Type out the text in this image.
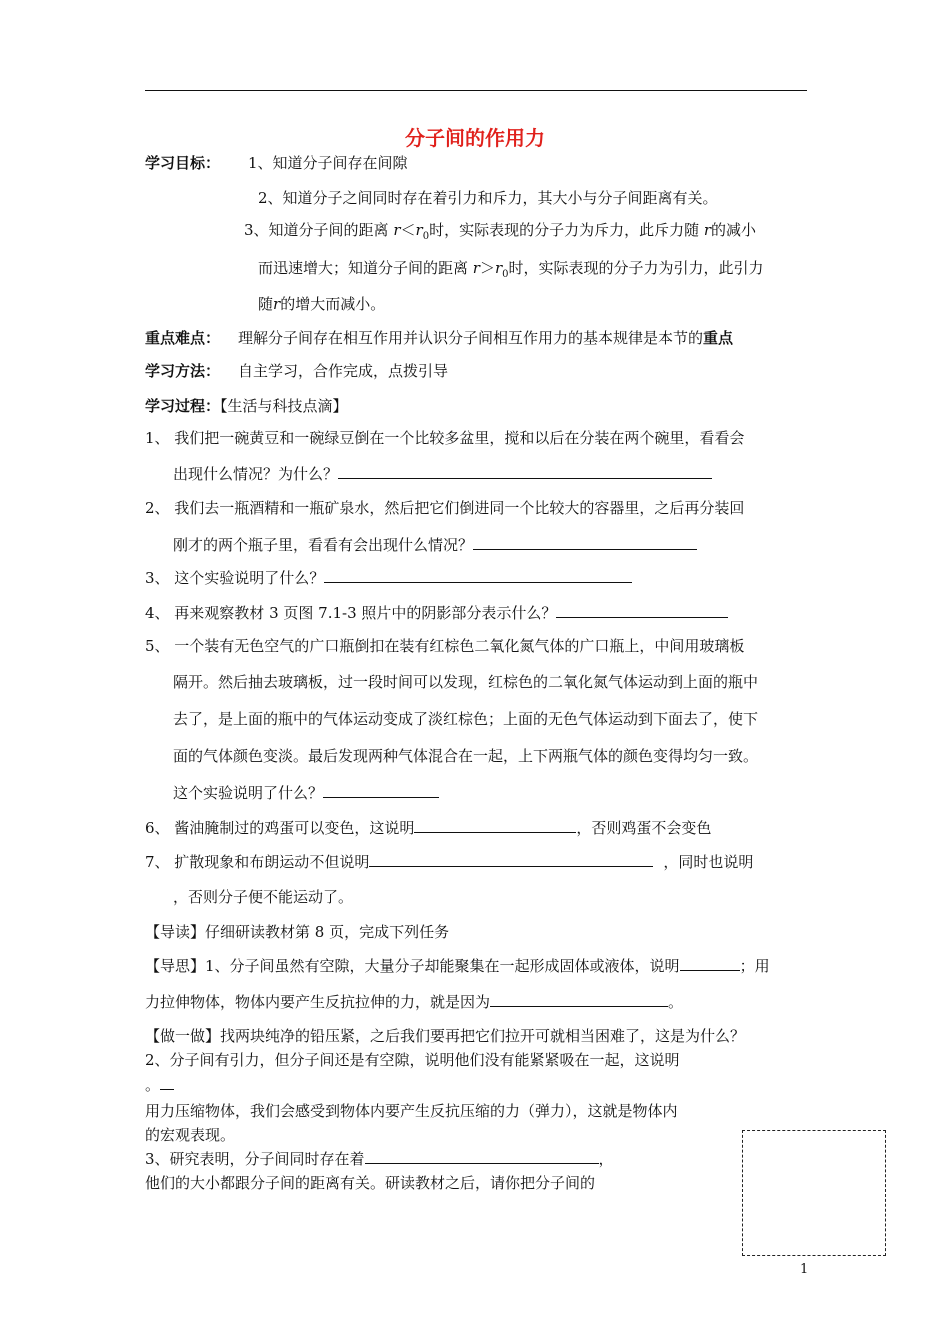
分子间的作用力
学习目标： 1、知道分子间存在间隙
2、知道分子之间同时存在着引力和斥力，其大小与分子间距离有关。
3、知道分子间的距离 $r<r_0$时，实际表现的分子力为斥力，此斥力随 r的减小
而迅速增大；知道分子间的距离 $r>r_0$时，实际表现的分子力为引力，此引力
随r的增大而减小。
重点难点： 理解分子间存在相互作用并认识分子间相互作用力的基本规律是本节的重点
学习方法： 自主学习，合作完成，点拨引导
学习过程：【生活与科技点滴】
1、 我们把一碗黄豆和一碗绿豆倒在一个比较多盆里，搅和以后在分装在两个碗里，看看会
出现什么情况？为什么？
2、 我们去一瓶酒精和一瓶矿泉水，然后把它们倒进同一个比较大的容器里，之后再分装回
刚才的两个瓶子里，看看有会出现什么情况？
3、 这个实验说明了什么？
4、 再来观察教材 3 页图 7.1-3 照片中的阴影部分表示什么？
5、 一个装有无色空气的广口瓶倒扣在装有红棕色二氧化氮气体的广口瓶上，中间用玻璃板
隔开。然后抽去玻璃板，过一段时间可以发现，红棕色的二氧化氮气体运动到上面的瓶中
去了，是上面的瓶中的气体运动变成了淡红棕色；上面的无色气体运动到下面去了，使下
面的气体颜色变淡。最后发现两种气体混合在一起，上下两瓶气体的颜色变得均匀一致。
这个实验说明了什么？
6、 酱油腌制过的鸡蛋可以变色，这说明	，否则鸡蛋不会变色
7、 扩散现象和布朗运动不但说明	，同时也说明
，否则分子便不能运动了。
【导读】仔细研读教材第 8 页，完成下列任务
【导思】1、分子间虽然有空隙，大量分子却能聚集在一起形成固体或液体，说明	；用
力拉伸物体，物体内要产生反抗拉伸的力，就是因为	。
【做一做】找两块纯净的铅压紧，之后我们要再把它们拉开可就相当困难了，这是为什么？
2、分子间有引力，但分子间还是有空隙，说明他们没有能紧紧吸在一起，这说明
。
用力压缩物体，我们会感受到物体内要产生反抗压缩的力（弹力），这就是物体内
的宏观表现。
3、研究表明，分子间同时存在着	，
他们的大小都跟分子间的距离有关。研读教材之后，请你把分子间的
1
